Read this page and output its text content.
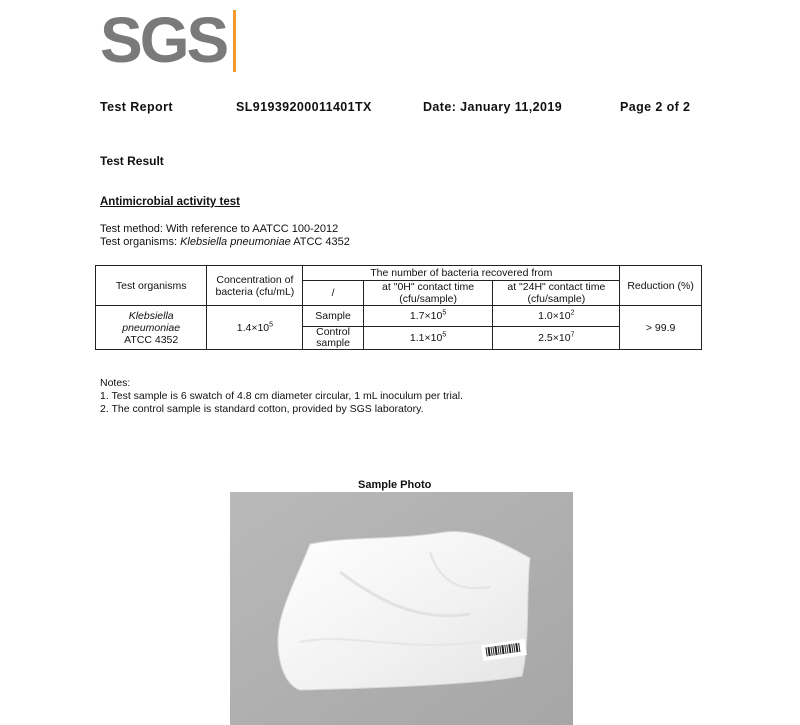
SGS
Test Report	SL91939200011401TX	Date: January 11,2019	Page 2 of 2
Test Result
Antimicrobial activity test
Test method: With reference to AATCC 100-2012
Test organisms: Klebsiella pneumoniae ATCC 4352
Test organisms	Concentration of bacteria (cfu/mL)	The number of bacteria recovered from			Reduction (%)
		/	at "0H" contact time (cfu/sample)	at "24H" contact time (cfu/sample)	
Klebsiella
pneumoniae
ATCC 4352	$1.4\times 10^5$	Sample	$1.7\times 10^5$	$1.0\times 10^2$	> 99.9
		Control sample	$1.1\times 10^5$	$2.5\times 10^7$
Notes:
1. Test sample is 6 swatch of 4.8 cm diameter circular, 1 mL inoculum per trial.
2. The control sample is standard cotton, provided by SGS laboratory.
Sample Photo
